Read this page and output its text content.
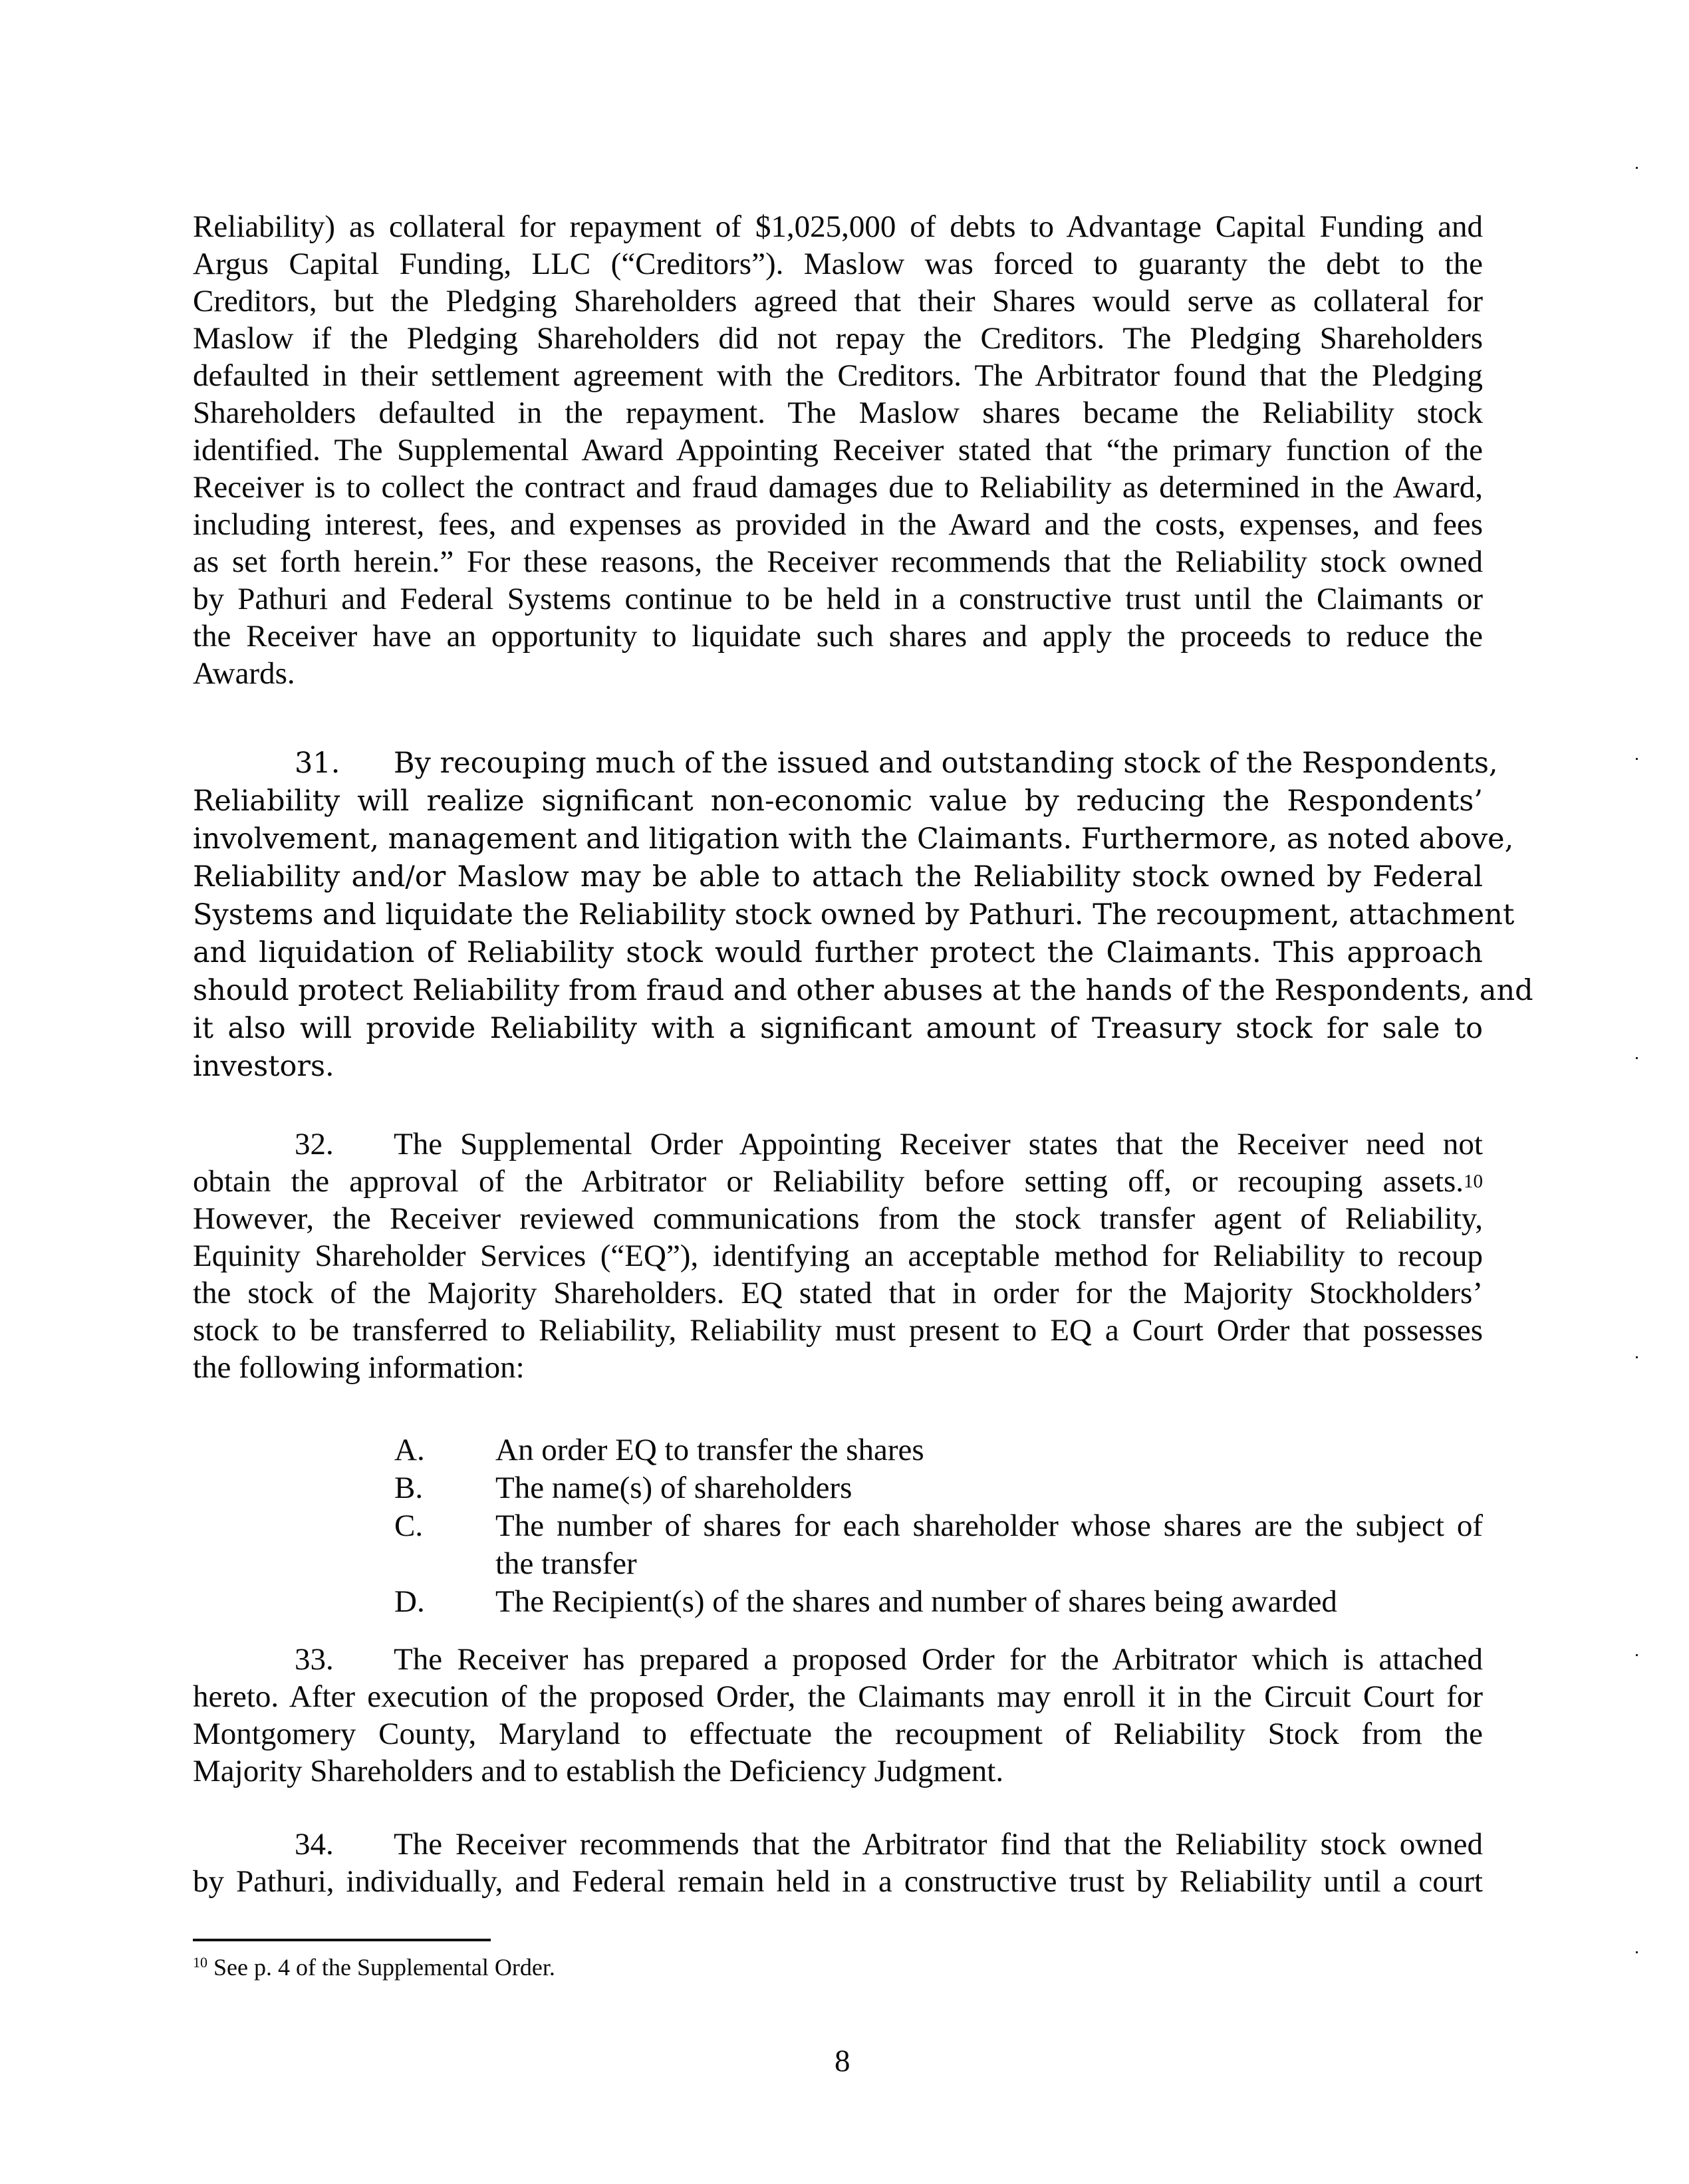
Reliability) as collateral for repayment of $1,025,000 of debts to Advantage Capital Funding and
Argus Capital Funding, LLC (“Creditors”). Maslow was forced to guaranty the debt to the
Creditors, but the Pledging Shareholders agreed that their Shares would serve as collateral for
Maslow if the Pledging Shareholders did not repay the Creditors. The Pledging Shareholders
defaulted in their settlement agreement with the Creditors. The Arbitrator found that the Pledging
Shareholders defaulted in the repayment. The Maslow shares became the Reliability stock
identified. The Supplemental Award Appointing Receiver stated that “the primary function of the
Receiver is to collect the contract and fraud damages due to Reliability as determined in the Award,
including interest, fees, and expenses as provided in the Award and the costs, expenses, and fees
as set forth herein.” For these reasons, the Receiver recommends that the Reliability stock owned
by Pathuri and Federal Systems continue to be held in a constructive trust until the Claimants or
the Receiver have an opportunity to liquidate such shares and apply the proceeds to reduce the
Awards.
31. By recouping much of the issued and outstanding stock of the Respondents,
Reliability will realize significant non-economic value by reducing the Respondents’
involvement, management and litigation with the Claimants. Furthermore, as noted above,
Reliability and/or Maslow may be able to attach the Reliability stock owned by Federal
Systems and liquidate the Reliability stock owned by Pathuri. The recoupment, attachment
and liquidation of Reliability stock would further protect the Claimants. This approach
should protect Reliability from fraud and other abuses at the hands of the Respondents, and
it also will provide Reliability with a significant amount of Treasury stock for sale to
investors.
32. The Supplemental Order Appointing Receiver states that the Receiver need not
obtain the approval of the Arbitrator or Reliability before setting off, or recouping assets. 10
However, the Receiver reviewed communications from the stock transfer agent of Reliability,
Equinity Shareholder Services (“EQ”), identifying an acceptable method for Reliability to recoup
the stock of the Majority Shareholders. EQ stated that in order for the Majority Stockholders’
stock to be transferred to Reliability, Reliability must present to EQ a Court Order that possesses
the following information:
A. An order EQ to transfer the shares
B. The name(s) of shareholders
C. The number of shares for each shareholder whose shares are the subject of
the transfer
D. The Recipient(s) of the shares and number of shares being awarded
33. The Receiver has prepared a proposed Order for the Arbitrator which is attached
hereto. After execution of the proposed Order, the Claimants may enroll it in the Circuit Court for
Montgomery County, Maryland to effectuate the recoupment of Reliability Stock from the
Majority Shareholders and to establish the Deficiency Judgment.
34. The Receiver recommends that the Arbitrator find that the Reliability stock owned
by Pathuri, individually, and Federal remain held in a constructive trust by Reliability until a court
$^{10}$ See p. 4 of the Supplemental Order.
8
